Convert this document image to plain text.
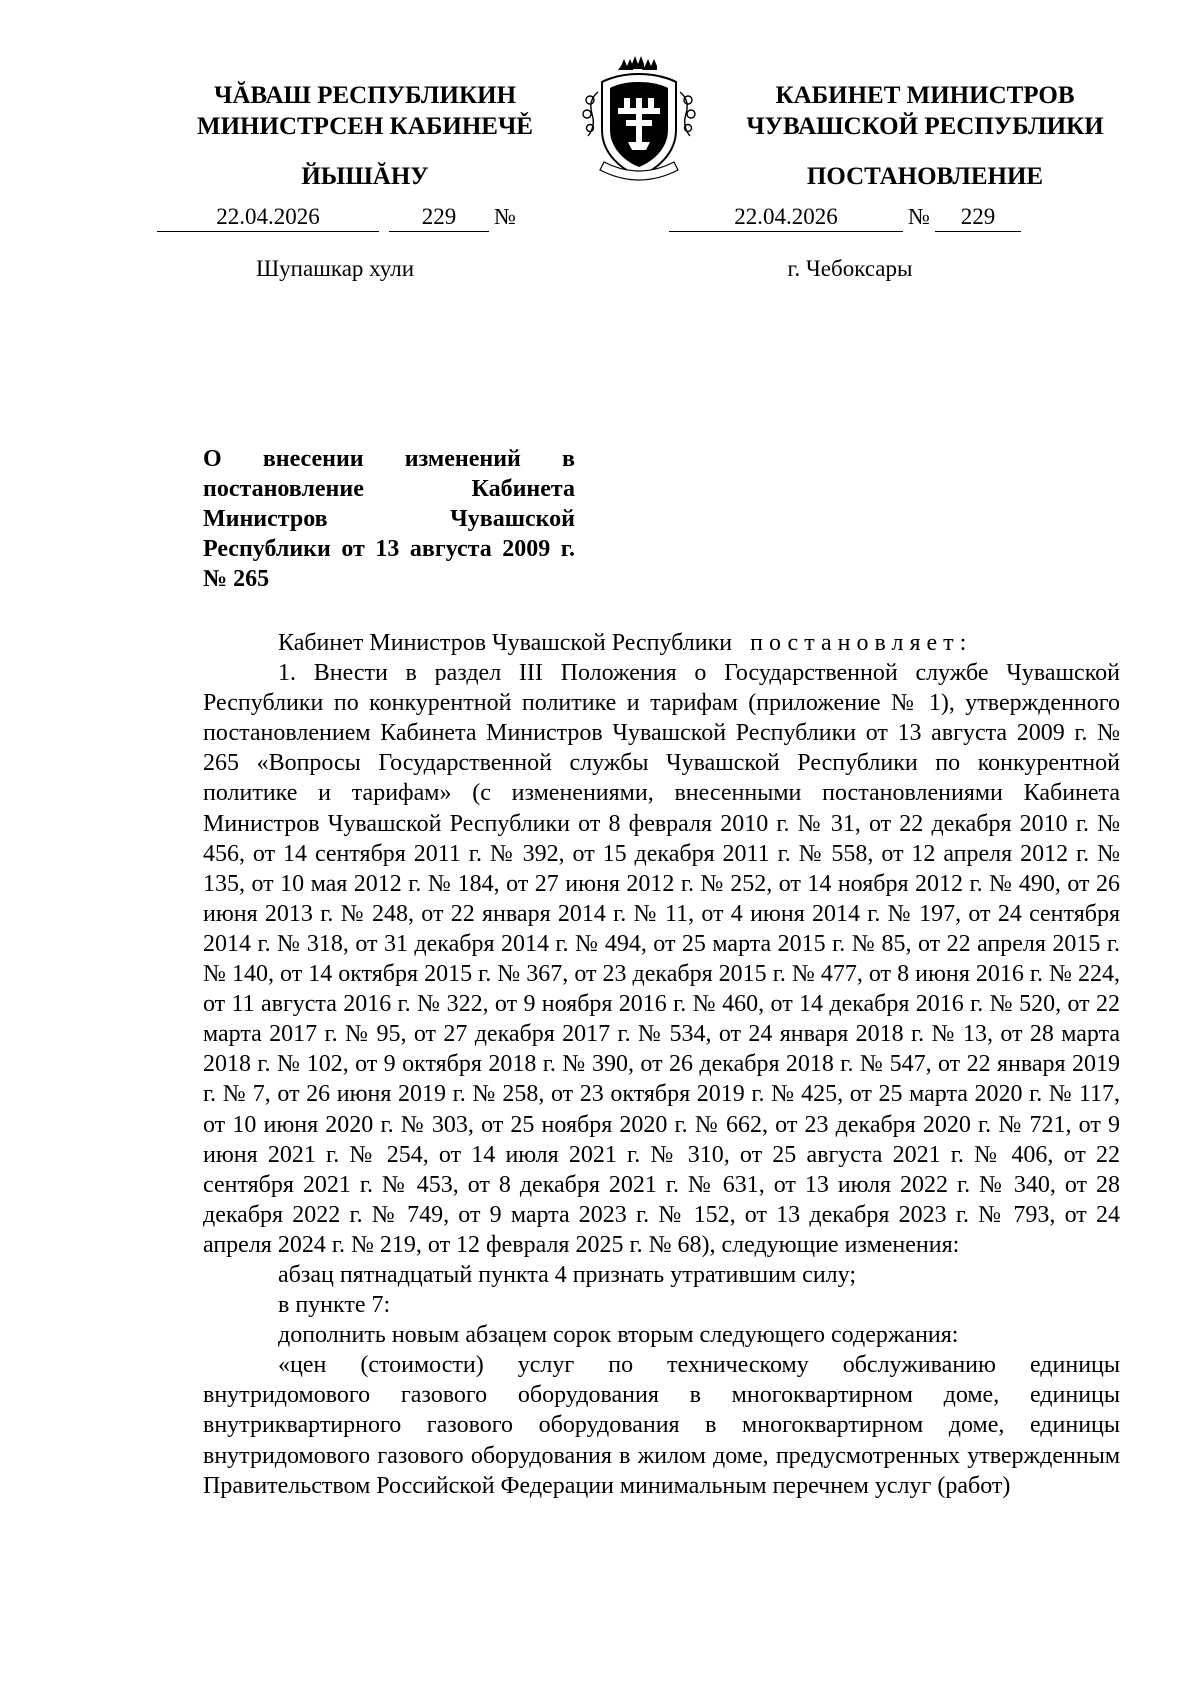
ЧĂВАШ РЕСПУБЛИКИН
МИНИСТРСЕН КАБИНЕЧĚ
ЙЫШĂНУ
КАБИНЕТ МИНИСТРОВ
ЧУВАШСКОЙ РЕСПУБЛИКИ
ПОСТАНОВЛЕНИЕ
22.04.2026	229	№	22.04.2026	№	229
Шупашкар хули	г. Чебоксары
О внесении изменений в постановление Кабинета Министров Чувашской Республики от 13 августа 2009 г. № 265

Кабинет Министров Чувашской Республики постановляет:

1. Внести в раздел III Положения о Государственной службе Чувашской Республики по конкурентной политике и тарифам (приложение № 1), утвержденного постановлением Кабинета Министров Чувашской Республики от 13 августа 2009 г. № 265 «Вопросы Государственной службы Чувашской Республики по конкурентной политике и тарифам» (с изменениями, внесенными постановлениями Кабинета Министров Чувашской Республики от 8 февраля 2010 г. № 31, от 22 декабря 2010 г. № 456, от 14 сентября 2011 г. № 392, от 15 декабря 2011 г. № 558, от 12 апреля 2012 г. № 135, от 10 мая 2012 г. № 184, от 27 июня 2012 г. № 252, от 14 ноября 2012 г. № 490, от 26 июня 2013 г. № 248, от 22 января 2014 г. № 11, от 4 июня 2014 г. № 197, от 24 сентября 2014 г. № 318, от 31 декабря 2014 г. № 494, от 25 марта 2015 г. № 85, от 22 апреля 2015 г. № 140, от 14 октября 2015 г. № 367, от 23 декабря 2015 г. № 477, от 8 июня 2016 г. № 224, от 11 августа 2016 г. № 322, от 9 ноября 2016 г. № 460, от 14 декабря 2016 г. № 520, от 22 марта 2017 г. № 95, от 27 декабря 2017 г. № 534, от 24 января 2018 г. № 13, от 28 марта 2018 г. № 102, от 9 октября 2018 г. № 390, от 26 декабря 2018 г. № 547, от 22 января 2019 г. № 7, от 26 июня 2019 г. № 258, от 23 октября 2019 г. № 425, от 25 марта 2020 г. № 117, от 10 июня 2020 г. № 303, от 25 ноября 2020 г. № 662, от 23 декабря 2020 г. № 721, от 9 июня 2021 г. № 254, от 14 июля 2021 г. № 310, от 25 августа 2021 г. № 406, от 22 сентября 2021 г. № 453, от 8 декабря 2021 г. № 631, от 13 июля 2022 г. № 340, от 28 декабря 2022 г. № 749, от 9 марта 2023 г. № 152, от 13 декабря 2023 г. № 793, от 24 апреля 2024 г. № 219, от 12 февраля 2025 г. № 68), следующие изменения:

абзац пятнадцатый пункта 4 признать утратившим силу;

в пункте 7:

дополнить новым абзацем сорок вторым следующего содержания:

«цен (стоимости) услуг по техническому обслуживанию единицы внутридомового газового оборудования в многоквартирном доме, единицы внутриквартирного газового оборудования в многоквартирном доме, единицы внутридомового газового оборудования в жилом доме, предусмотренных утвержденным Правительством Российской Федерации минимальным перечнем услуг (работ)
